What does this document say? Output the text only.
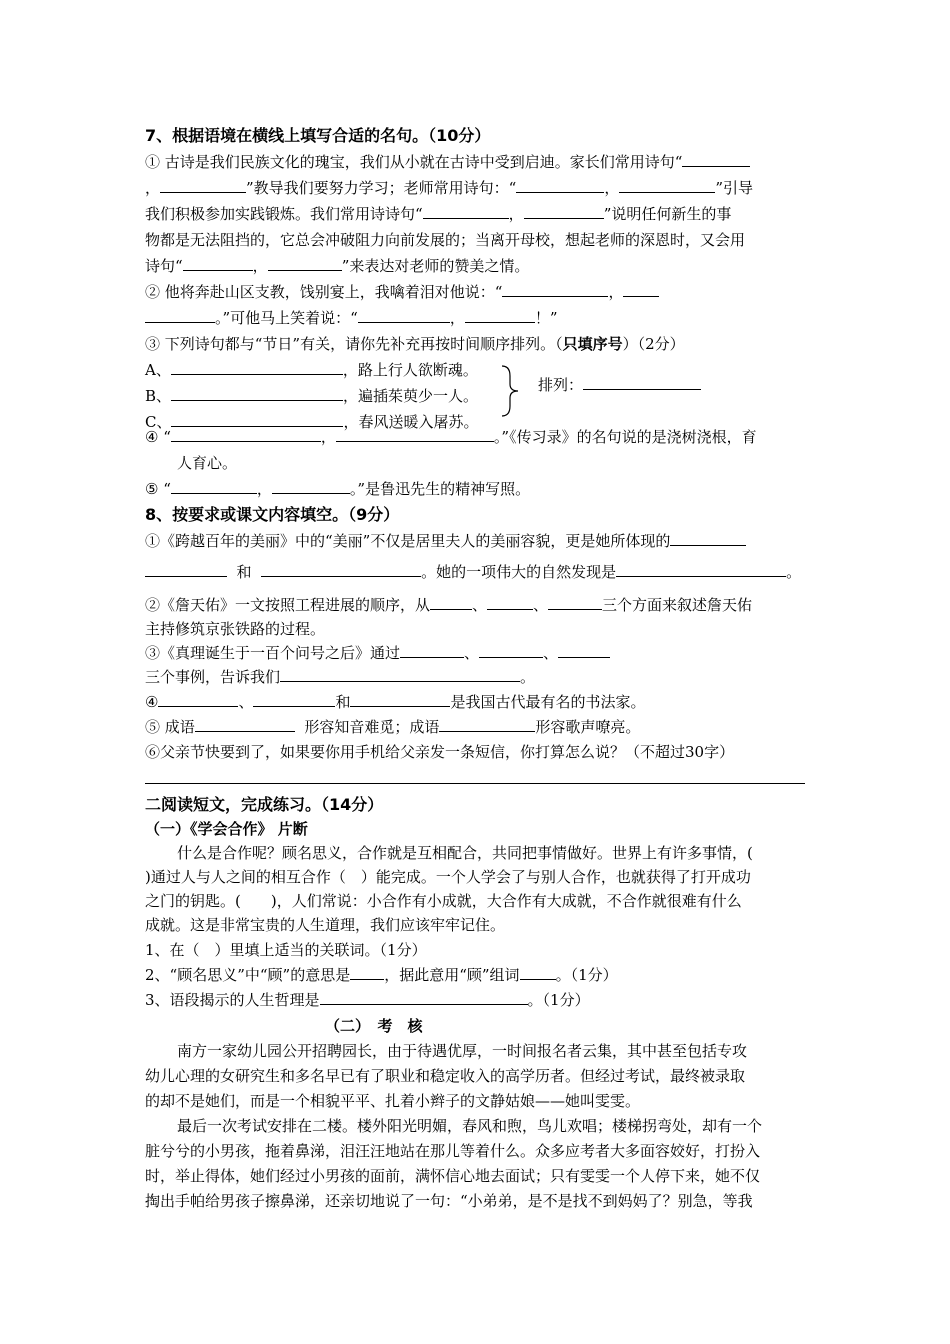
7、根据语境在横线上填写合适的名句。（10分）
① 古诗是我们民族文化的瑰宝，我们从小就在古诗中受到启迪。家长们常用诗句“
，	”教导我们要努力学习；老师常用诗句：“	，	”引导
我们积极参加实践锻炼。我们常用诗诗句“	，	”说明任何新生的事
物都是无法阻挡的，它总会冲破阻力向前发展的；当离开母校，想起老师的深恩时，又会用
诗句“	，	”来表达对老师的赞美之情。
② 他将奔赴山区支教，饯别宴上，我噙着泪对他说：“	，
。”可他马上笑着说：“	，	！”
③ 下列诗句都与“节日”有关，请你先补充再按时间顺序排列。（只填序号）（2分）
A、	，路上行人欲断魂。
B、	，遍插茱萸少一人。
C、	，春风送暖入屠苏。
排列：
④ “	，	。”《传习录》的名句说的是浇树浇根，育
人育心。
⑤ “	，	。”是鲁迅先生的精神写照。
8、按要求或课文内容填空。（9分）
①《跨越百年的美丽》中的“美丽”不仅是居里夫人的美丽容貌，更是她所体现的
和	。她的一项伟大的自然发现是	。
②《詹天佑》一文按照工程进展的顺序，从	、	、	三个方面来叙述詹天佑
主持修筑京张铁路的过程。
③《真理诞生于一百个问号之后》通过	、	、
三个事例，告诉我们	。
④	、	和	是我国古代最有名的书法家。
⑤ 成语	形容知音难觅；成语	形容歌声嘹亮。
⑥父亲节快要到了，如果要你用手机给父亲发一条短信，你打算怎么说？（不超过30字）
二阅读短文，完成练习。（14分）
（一）《学会合作》 片断
什么是合作呢？顾名思义，合作就是互相配合，共同把事情做好。世界上有许多事情，(
)通过人与人之间的相互合作（　）能完成。一个人学会了与别人合作，也就获得了打开成功
之门的钥匙。(　　)，人们常说：小合作有小成就，大合作有大成就，不合作就很难有什么
成就。这是非常宝贵的人生道理，我们应该牢牢记住。
1、在（　）里填上适当的关联词。（1分）
2、“顾名思义”中“顾”的意思是 ，据此意用“顾”组词 。（1分）
3、语段揭示的人生哲理是	。（1分）
（二）　考　核
南方一家幼儿园公开招聘园长，由于待遇优厚，一时间报名者云集，其中甚至包括专攻
幼儿心理的女研究生和多名早已有了职业和稳定收入的高学历者。但经过考试，最终被录取
的却不是她们，而是一个相貌平平、扎着小辫子的文静姑娘——她叫雯雯。
最后一次考试安排在二楼。楼外阳光明媚，春风和煦，鸟儿欢唱；楼梯拐弯处，却有一个
脏兮兮的小男孩，拖着鼻涕，泪汪汪地站在那儿等着什么。众多应考者大多面容姣好，打扮入
时，举止得体，她们经过小男孩的面前，满怀信心地去面试；只有雯雯一个人停下来，她不仅
掏出手帕给男孩子擦鼻涕，还亲切地说了一句：“小弟弟，是不是找不到妈妈了？别急，等我
